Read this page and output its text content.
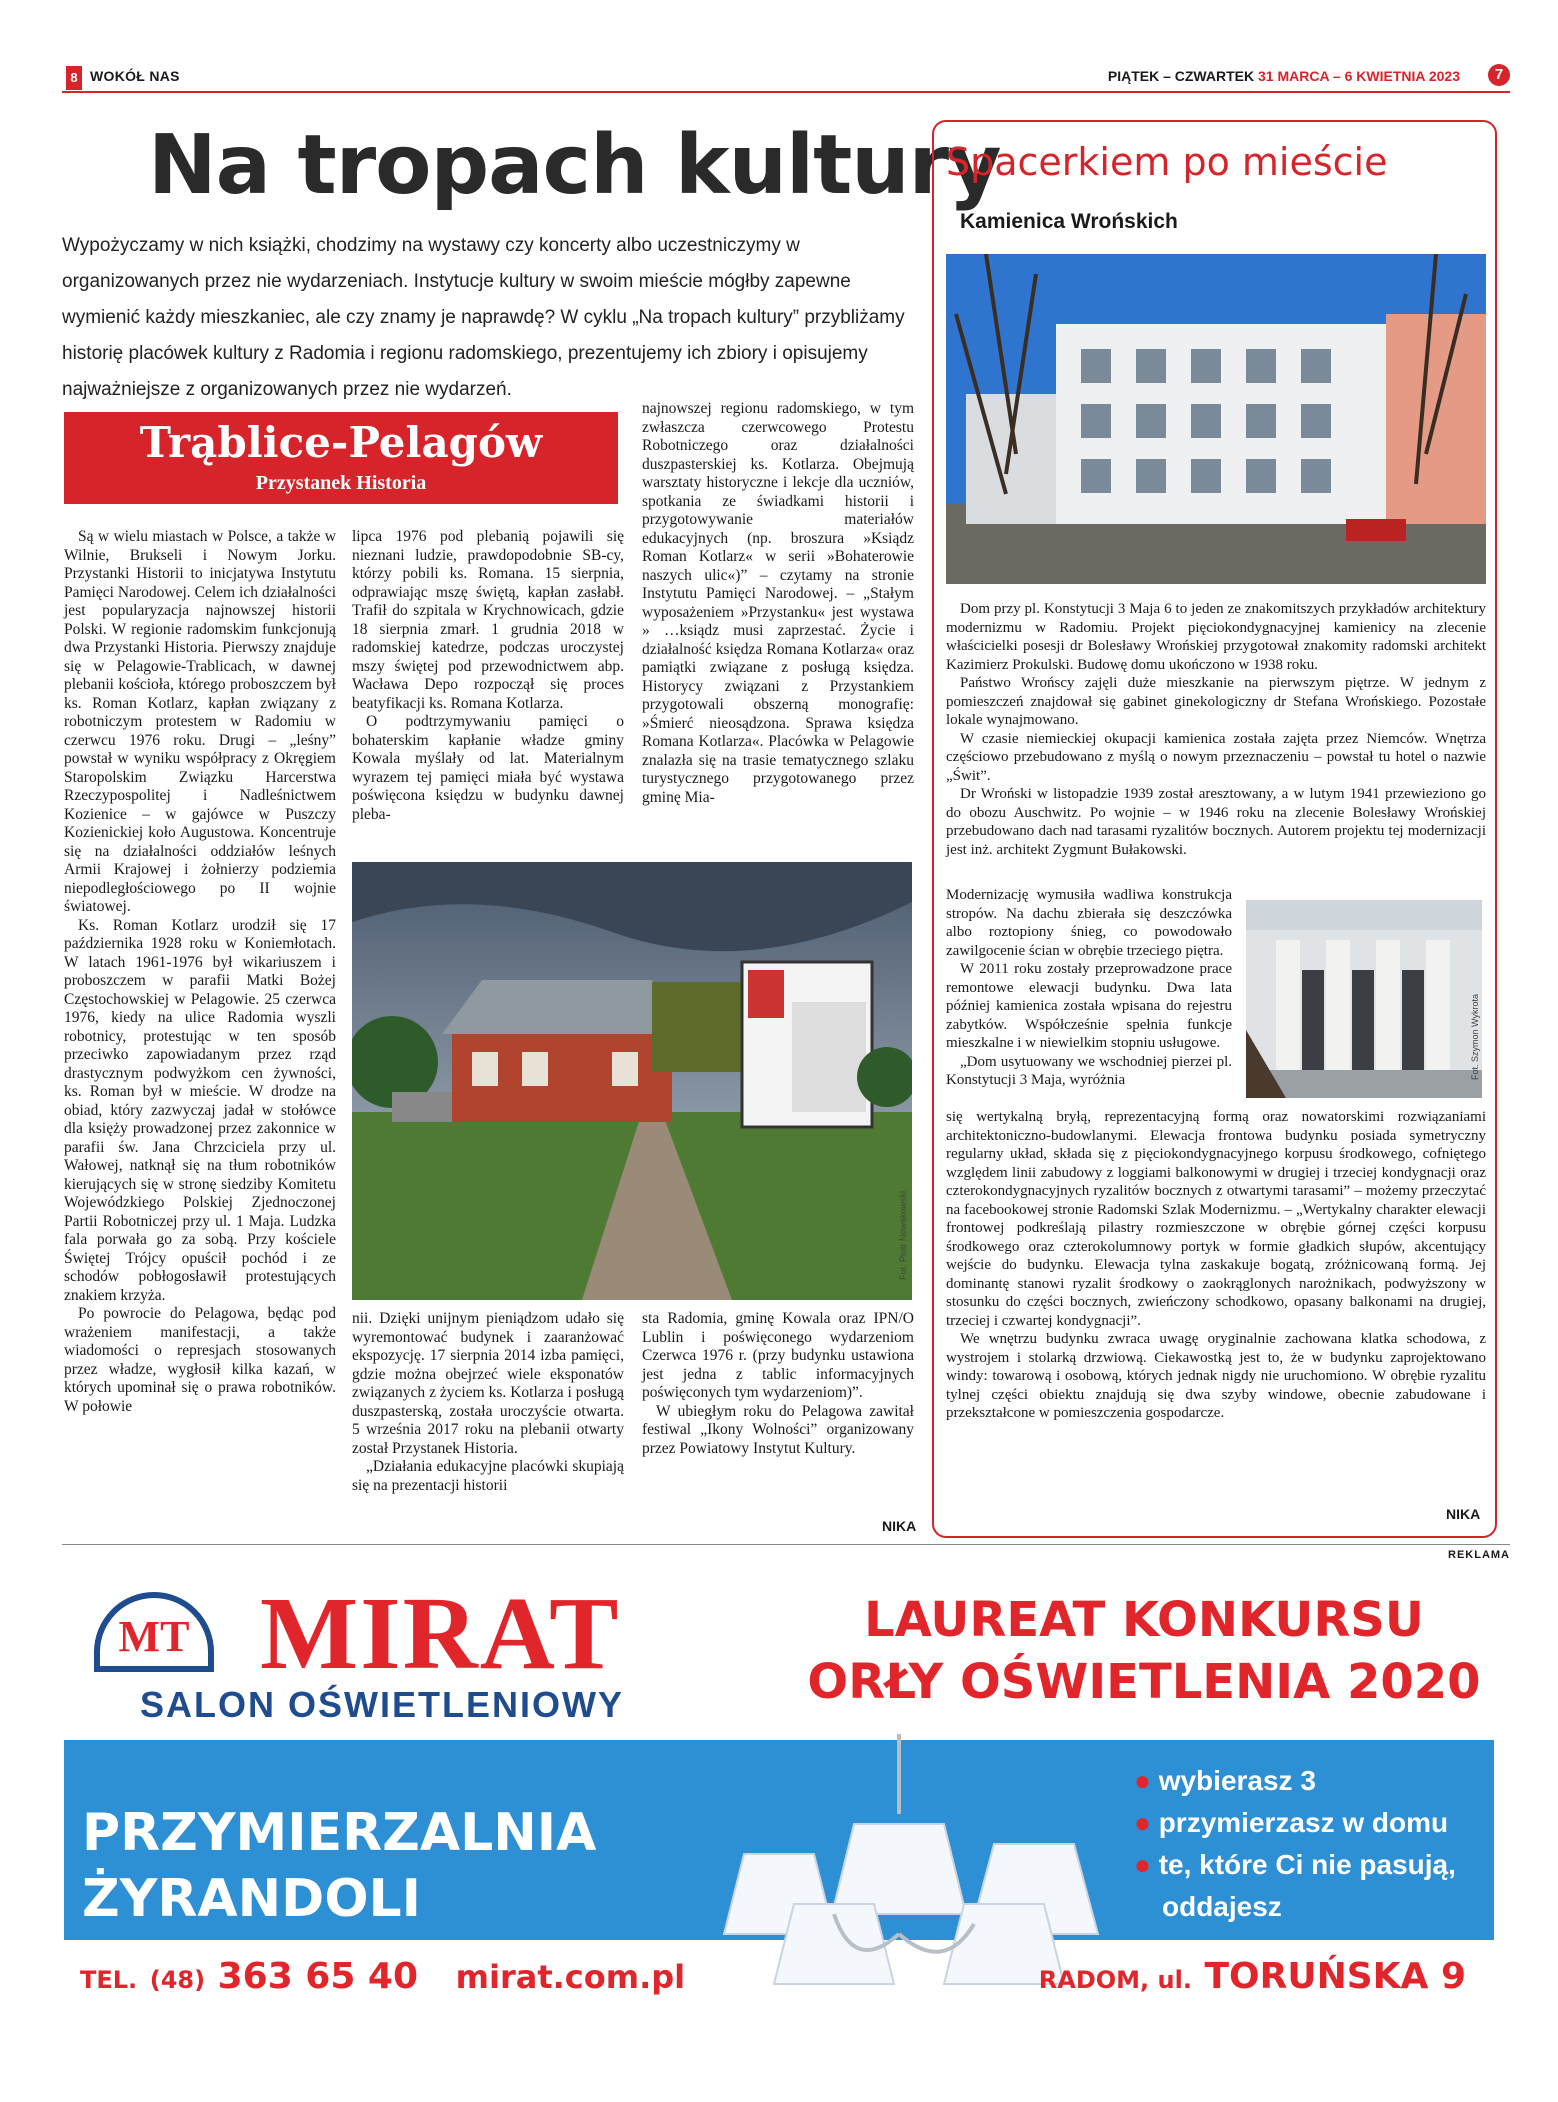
8 WOKÓŁ NAS	PIĄTEK – CZWARTEK 31 MARCA – 6 KWIETNIA 2023	7
Na tropach kultury
Wypożyczamy w nich książki, chodzimy na wystawy czy koncerty albo uczestniczymy w organizowanych przez nie wydarzeniach. Instytucje kultury w swoim mieście mógłby zapewne wymienić każdy mieszkaniec, ale czy znamy je naprawdę? W cyklu „Na tropach kultury” przybliżamy historię placówek kultury z Radomia i regionu radomskiego, prezentujemy ich zbiory i opisujemy najważniejsze z organizowanych przez nie wydarzeń.
Trąblice-Pelagów
Przystanek Historia

Są w wielu miastach w Polsce, a także w Wilnie, Brukseli i Nowym Jorku. Przystanki Historii to inicjatywa Instytutu Pamięci Narodowej. Celem ich działalności jest popularyzacja najnowszej historii Polski. W regionie radomskim funkcjonują dwa Przystanki Historia. Pierwszy znajduje się w Pelagowie-Trablicach, w dawnej plebanii kościoła, którego proboszczem był ks. Roman Kotlarz, kapłan związany z robotniczym protestem w Radomiu w czerwcu 1976 roku. Drugi – „leśny” powstał w wyniku współpracy z Okręgiem Staropolskim Związku Harcerstwa Rzeczypospolitej i Nadleśnictwem Kozienice – w gajówce w Puszczy Kozienickiej koło Augustowa. Koncentruje się na działalności oddziałów leśnych Armii Krajowej i żołnierzy podziemia niepodległościowego po II wojnie światowej.

Ks. Roman Kotlarz urodził się 17 października 1928 roku w Koniemłotach. W latach 1961-1976 był wikariuszem i proboszczem w parafii Matki Bożej Częstochowskiej w Pelagowie. 25 czerwca 1976, kiedy na ulice Radomia wyszli robotnicy, protestując w ten sposób przeciwko zapowiadanym przez rząd drastycznym podwyżkom cen żywności, ks. Roman był w mieście. W drodze na obiad, który zazwyczaj jadał w stołówce dla księży prowadzonej przez zakonnice w parafii św. Jana Chrzciciela przy ul. Wałowej, natknął się na tłum robotników kierujących się w stronę siedziby Komitetu Wojewódzkiego Polskiej Zjednoczonej Partii Robotniczej przy ul. 1 Maja. Ludzka fala porwała go za sobą. Przy kościele Świętej Trójcy opuścił pochód i ze schodów pobłogosławił protestujących znakiem krzyża.

Po powrocie do Pelagowa, będąc pod wrażeniem manifestacji, a także wiadomości o represjach stosowanych przez władze, wygłosił kilka kazań, w których upominał się o prawa robotników. W połowie

lipca 1976 pod plebanią pojawili się nieznani ludzie, prawdopodobnie SB-cy, którzy pobili ks. Romana. 15 sierpnia, odprawiając mszę świętą, kapłan zasłabł. Trafił do szpitala w Krychnowicach, gdzie 18 sierpnia zmarł. 1 grudnia 2018 w radomskiej katedrze, podczas uroczystej mszy świętej pod przewodnictwem abp. Wacława Depo rozpoczął się proces beatyfikacji ks. Romana Kotlarza.

O podtrzymywaniu pamięci o bohaterskim kapłanie władze gminy Kowala myślały od lat. Materialnym wyrazem tej pamięci miała być wystawa poświęcona księdzu w budynku dawnej pleba-

najnowszej regionu radomskiego, w tym zwłaszcza czerwcowego Protestu Robotniczego oraz działalności duszpasterskiej ks. Kotlarza. Obejmują warsztaty historyczne i lekcje dla uczniów, spotkania ze świadkami historii i przygotowywanie materiałów edukacyjnych (np. broszura »Ksiądz Roman Kotlarz« w serii »Bohaterowie naszych ulic«)” – czytamy na stronie Instytutu Pamięci Narodowej. – „Stałym wyposażeniem »Przystanku« jest wystawa » …ksiądz musi zaprzestać. Życie i działalność księdza Romana Kotlarza« oraz pamiątki związane z posługą księdza. Historycy związani z Przystankiem przygotowali obszerną monografię: »Śmierć nieosądzona. Sprawa księdza Romana Kotlarza«. Placówka w Pelagowie znalazła się na trasie tematycznego szlaku turystycznego przygotowanego przez gminę Mia-

Fot. Piotr Nowakowski

nii. Dzięki unijnym pieniądzom udało się wyremontować budynek i zaaranżować ekspozycję. 17 sierpnia 2014 izba pamięci, gdzie można obejrzeć wiele eksponatów związanych z życiem ks. Kotlarza i posługą duszpasterską, została uroczyście otwarta. 5 września 2017 roku na plebanii otwarty został Przystanek Historia.

„Działania edukacyjne placówki skupiają się na prezentacji historii

sta Radomia, gminę Kowala oraz IPN/O Lublin i poświęconego wydarzeniom Czerwca 1976 r. (przy budynku ustawiona jest jedna z tablic informacyjnych poświęconych tym wydarzeniom)”.

W ubiegłym roku do Pelagowa zawitał festiwal „Ikony Wolności” organizowany przez Powiatowy Instytut Kultury.

NIKA
Spacerkiem po mieście
Kamienica Wrońskich

Dom przy pl. Konstytucji 3 Maja 6 to jeden ze znakomitszych przykładów architektury modernizmu w Radomiu. Projekt pięciokondygnacyjnej kamienicy na zlecenie właścicielki posesji dr Bolesławy Wrońskiej przygotował znakomity radomski architekt Kazimierz Prokulski. Budowę domu ukończono w 1938 roku.

Państwo Wrońscy zajęli duże mieszkanie na pierwszym piętrze. W jednym z pomieszczeń znajdował się gabinet ginekologiczny dr Stefana Wrońskiego. Pozostałe lokale wynajmowano.

W czasie niemieckiej okupacji kamienica została zajęta przez Niemców. Wnętrza częściowo przebudowano z myślą o nowym przeznaczeniu – powstał tu hotel o nazwie „Świt”.

Dr Wroński w listopadzie 1939 został aresztowany, a w lutym 1941 przewieziono go do obozu Auschwitz. Po wojnie – w 1946 roku na zlecenie Bolesławy Wrońskiej przebudowano dach nad tarasami ryzalitów bocznych. Autorem projektu tej modernizacji jest inż. architekt Zygmunt Bułakowski.

Modernizację wymusiła wadliwa konstrukcja stropów. Na dachu zbierała się deszczówka albo roztopiony śnieg, co powodowało zawilgocenie ścian w obrębie trzeciego piętra.

W 2011 roku zostały przeprowadzone prace remontowe elewacji budynku. Dwa lata później kamienica została wpisana do rejestru zabytków. Współcześnie spełnia funkcje mieszkalne i w niewielkim stopniu usługowe.

„Dom usytuowany we wschodniej pierzei pl. Konstytucji 3 Maja, wyróżnia	Fot. Szymon Wykrota

się wertykalną bryłą, reprezentacyjną formą oraz nowatorskimi rozwiązaniami architektoniczno-budowlanymi. Elewacja frontowa budynku posiada symetryczny regularny układ, składa się z pięciokondygnacyjnego korpusu środkowego, cofniętego względem linii zabudowy z loggiami balkonowymi w drugiej i trzeciej kondygnacji oraz czterokondygnacyjnych ryzalitów bocznych z otwartymi tarasami” – możemy przeczytać na facebookowej stronie Radomski Szlak Modernizmu. – „Wertykalny charakter elewacji frontowej podkreślają pilastry rozmieszczone w obrębie górnej części korpusu środkowego oraz czterokolumnowy portyk w formie gładkich słupów, akcentujący wejście do budynku. Elewacja tylna zaskakuje bogatą, zróżnicowaną formą. Jej dominantę stanowi ryzalit środkowy o zaokrąglonych narożnikach, podwyższony w stosunku do części bocznych, zwieńczony schodkowo, opasany balkonami na drugiej, trzeciej i czwartej kondygnacji”.

We wnętrzu budynku zwraca uwagę oryginalnie zachowana klatka schodowa, z wystrojem i stolarką drzwiową. Ciekawostką jest to, że w budynku zaprojektowano windy: towarową i osobową, których jednak nigdy nie uruchomiono. W obrębie ryzalitu tylnej części obiektu znajdują się dwa szyby windowe, obecnie zabudowane i przekształcone w pomieszczenia gospodarcze.

NIKA
REKLAMA
MT MIRAT
SALON OŚWIETLENIOWY
LAUREAT KONKURSU
ORŁY OŚWIETLENIA 2020
PRZYMIERZALNIA
ŻYRANDOLI
● wybierasz 3
● przymierzasz w domu
● te, które Ci nie pasują,
oddajesz
TEL. (48) 363 65 40 mirat.com.pl	RADOM, ul. TORUŃSKA 9
